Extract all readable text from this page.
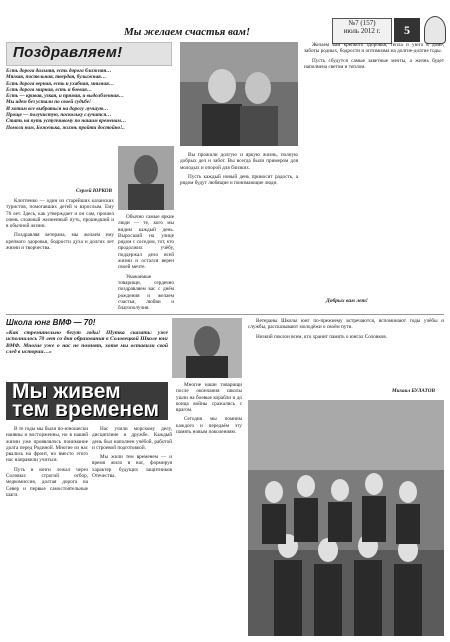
Мы желаем счастья вам!
№7 (157)
июль 2012 г.	5
Поздравляем!
Есть дорога дальняя, есть дорога ближняя…
Мягкая, постельная, твердая, булыжная…
Есть дорога верная, есть и ухабная, мнимая…
Есть дорога мирная, есть и боевая…
Есть — кривая, узкая, и прямая, и выдолбленная…
Мы идем без устали по своей судьбе!
И хотим все выбраться на дорогу лучшую…
Проще — получистую, поскольку случится…
Стать на путь уступчивому по нашим временам…
Помоги нам, Боженька, жизнь пройти достойно!..
Сергей ЮРКОВ

Клотпенко — один из старейших казанских туристов, помогавших детей и взрослым. Ему 76 лет. Здесь, как утверждает и он сам, прошел очень сложный жизненный путь, прошедший и в обычной жизни.

Поздравляя ветерана, мы желаем ему крепкого здоровья, бодрости духа и долгих лет жизни и творчества.

Обычно самые яркие люди — те, кого мы видим каждый день. Выросший на улице рядом с соседом, тот, кто продолжил учёбу, поддержал дело всей жизни и остался верен своей мечте.

Уважаемые товарищи, сердечно поздравляем вас с днём рождения и желаем счастья, любви и благополучия.

Вы прожили долгую и яркую жизнь, полную добрых дел и забот. Вы всегда были примером для молодых и опорой для близких.

Пусть каждый новый день приносит радость, а рядом будут любящие и понимающие люди.

Желаем вам крепкого здоровья, тепла и уюта в доме, заботы родных, бодрости и оптимизма на долгие-долгие годы.

Пусть сбудутся самые заветные мечты, а жизнь будет наполнена светом и теплом.

Добрых вам лет!
Школа юнг ВМФ — 70!
«Как стремительно бегут годы! Шутка сказать: уже исполнилось 70 лет со дня образования в Соловецкой Школе юнг ВМФ. Многие уже о нас не помнят, хотя мы оставили свой след в истории…»
Мы живем
тем временем

В те годы мы были по-юношески наивны и восторженны, но в нашей жизни уже проявлялось понимание долга перед Родиной. Многие из нас рвались на фронт, но вместо этого нас направили учиться.

Путь в юнги лежал через Соловки: строгий отбор, медкомиссия, долгая дорога на Север и первые самостоятельные шаги.

Нас учили морскому делу, дисциплине и дружбе. Каждый день был наполнен учёбой, работой и строевой подготовкой.

Мы жили тем временем — и время жило в нас, формируя характер будущих защитников Отечества.

Многие наши товарищи после окончания школы ушли на боевые корабли и до конца войны сражались с врагом.

Сегодня мы помним каждого и передаём эту память новым поколениям.

Ветераны Школы юнг по-прежнему встречаются, вспоминают годы учёбы и службы, рассказывают молодёжи о своём пути.

Низкий поклон всем, кто хранит память о юнгах Соловков.

Михаил БУЛАТОВ
